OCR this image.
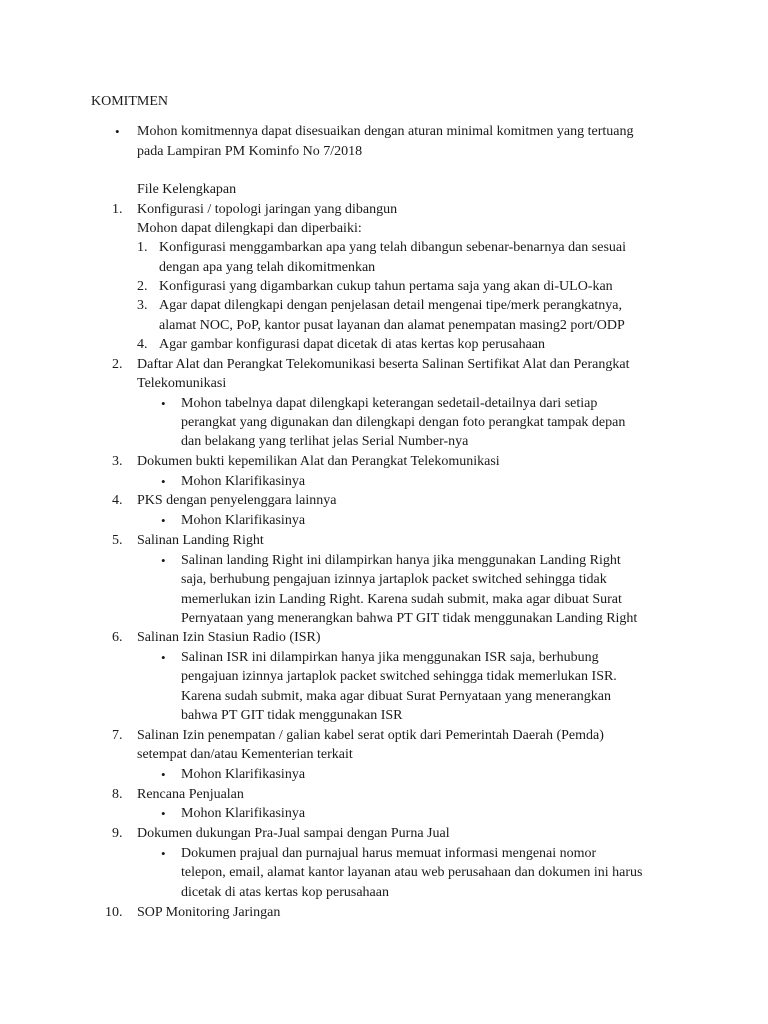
KOMITMEN
• Mohon komitmennya dapat disesuaikan dengan aturan minimal komitmen yang tertuang
pada Lampiran PM Kominfo No 7/2018
File Kelengkapan
1. Konfigurasi / topologi jaringan yang dibangun
Mohon dapat dilengkapi dan diperbaiki:
1. Konfigurasi menggambarkan apa yang telah dibangun sebenar-benarnya dan sesuai
dengan apa yang telah dikomitmenkan
2. Konfigurasi yang digambarkan cukup tahun pertama saja yang akan di-ULO-kan
3. Agar dapat dilengkapi dengan penjelasan detail mengenai tipe/merk perangkatnya,
alamat NOC, PoP, kantor pusat layanan dan alamat penempatan masing2 port/ODP
4. Agar gambar konfigurasi dapat dicetak di atas kertas kop perusahaan
2. Daftar Alat dan Perangkat Telekomunikasi beserta Salinan Sertifikat Alat dan Perangkat
Telekomunikasi
• Mohon tabelnya dapat dilengkapi keterangan sedetail-detailnya dari setiap
perangkat yang digunakan dan dilengkapi dengan foto perangkat tampak depan
dan belakang yang terlihat jelas Serial Number-nya
3. Dokumen bukti kepemilikan Alat dan Perangkat Telekomunikasi
• Mohon Klarifikasinya
4. PKS dengan penyelenggara lainnya
• Mohon Klarifikasinya
5. Salinan Landing Right
• Salinan landing Right ini dilampirkan hanya jika menggunakan Landing Right
saja, berhubung pengajuan izinnya jartaplok packet switched sehingga tidak
memerlukan izin Landing Right. Karena sudah submit, maka agar dibuat Surat
Pernyataan yang menerangkan bahwa PT GIT tidak menggunakan Landing Right
6. Salinan Izin Stasiun Radio (ISR)
• Salinan ISR ini dilampirkan hanya jika menggunakan ISR saja, berhubung
pengajuan izinnya jartaplok packet switched sehingga tidak memerlukan ISR.
Karena sudah submit, maka agar dibuat Surat Pernyataan yang menerangkan
bahwa PT GIT tidak menggunakan ISR
7. Salinan Izin penempatan / galian kabel serat optik dari Pemerintah Daerah (Pemda)
setempat dan/atau Kementerian terkait
• Mohon Klarifikasinya
8. Rencana Penjualan
• Mohon Klarifikasinya
9. Dokumen dukungan Pra-Jual sampai dengan Purna Jual
• Dokumen prajual dan purnajual harus memuat informasi mengenai nomor
telepon, email, alamat kantor layanan atau web perusahaan dan dokumen ini harus
dicetak di atas kertas kop perusahaan
10. SOP Monitoring Jaringan
